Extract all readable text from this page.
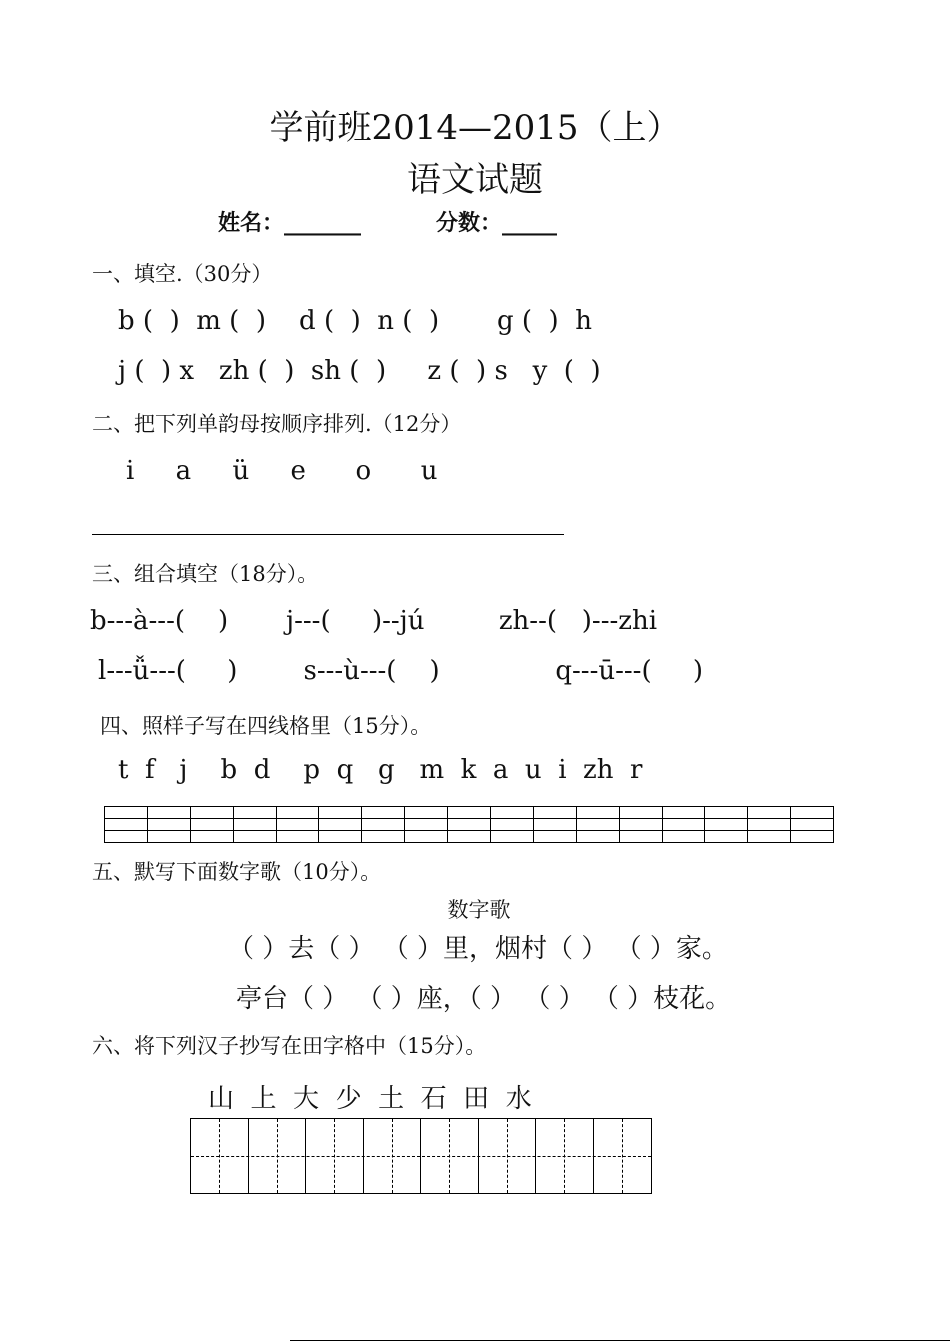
学前班2014—2015（上）
语文试题
姓名：_______	分数：_____
一、填空.（30分）
b (  )  m (  )    d (  )  n (  )       g (  )  h
j (  ) x   zh (  )  sh (  )     z (  ) s   y  (  )
二、把下列单韵母按顺序排列.（12分）
i     a     ü     e      o      u
三、组合填空（18分）。
b---à---(    )       j---(     )--jú         zh--(   )---zhi
l---ǚ---(     )        s---ù---(    )              q---ū---(     )
四、照样子写在四线格里（15分）。
t  f   j    b  d    p  q   g   m  k  a  u  i  zh  r

五、默写下面数字歌（10分）。
数字歌
（ ）去（ ） （ ）里，烟村（ ） （ ）家。
亭台（ ） （ ）座，（ ） （ ） （ ）枝花。
六、将下列汉子抄写在田字格中（15分）。
山  上  大  少  土  石  田  水
